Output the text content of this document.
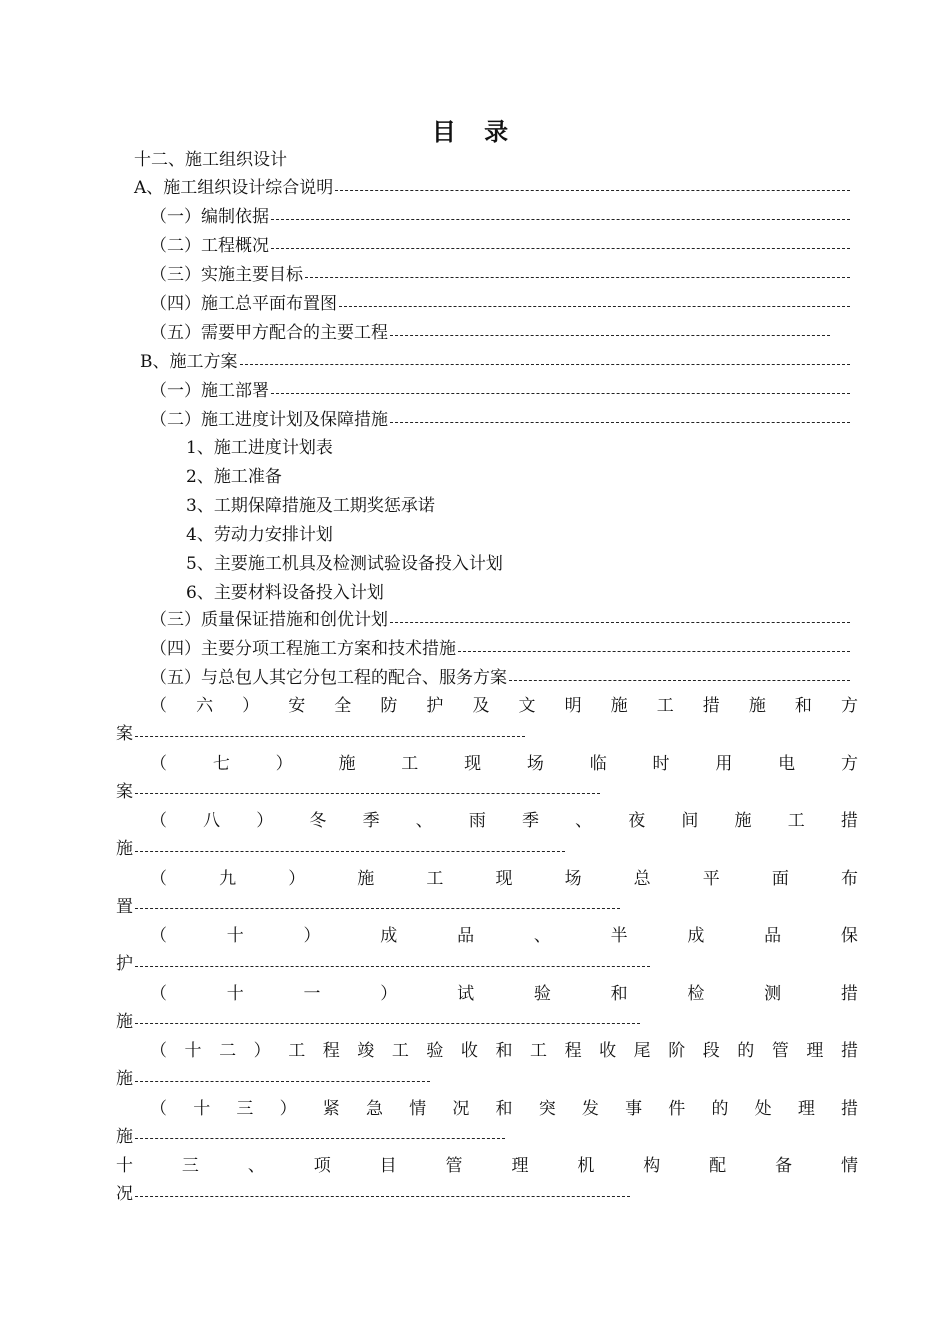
目 录
十二、施工组织设计
A、施工组织设计综合说明
（一）编制依据
（二）工程概况
（三）实施主要目标
（四）施工总平面布置图
（五）需要甲方配合的主要工程
B、施工方案
（一）施工部署
（二）施工进度计划及保障措施
1、施工进度计划表
2、施工准备
3、工期保障措施及工期奖惩承诺
4、劳动力安排计划
5、主要施工机具及检测试验设备投入计划
6、主要材料设备投入计划
（三）质量保证措施和创优计划
（四）主要分项工程施工方案和技术措施
（五）与总包人其它分包工程的配合、服务方案
（ 六 ） 安 全 防 护 及 文 明 施 工 措 施 和 方
案
（	七	）	施	工	现	场	临	时	用	电	方
案
（ 八 ） 冬 季 、 雨 季 、 夜 间 施 工 措
施
（	九	）	施	工	现	场	总	平	面	布
置
（	十	）	成	品	、	半	成	品	保
护
（	十	一	）	试	验	和	检	测	措
施
（ 十 二 ） 工 程 竣 工 验 收 和 工 程 收 尾 阶 段 的 管 理 措
施
（ 十 三 ） 紧 急 情 况 和 突 发 事 件 的 处 理 措
施
十	三	、	项	目	管	理	机	构	配	备	情
况
